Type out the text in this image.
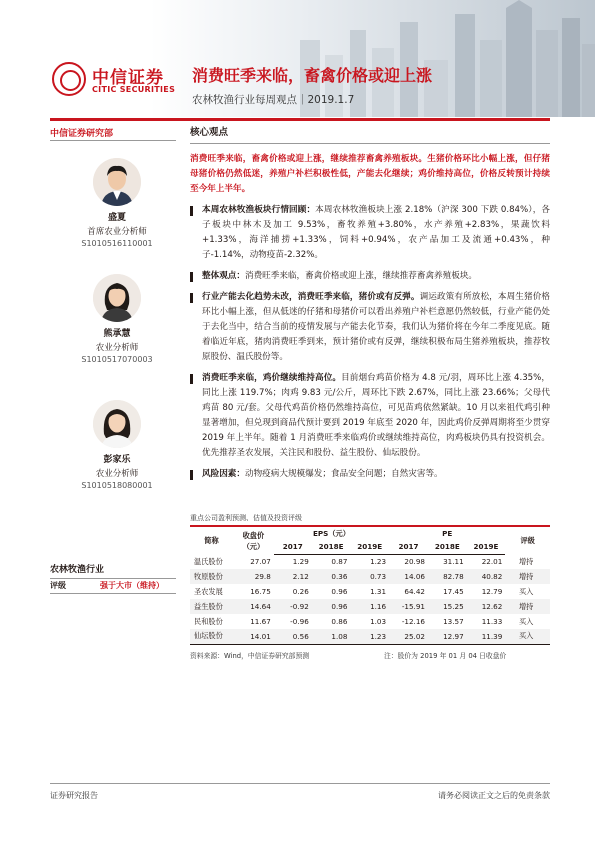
中信证券
CITIC SECURITIES
消费旺季来临，畜禽价格或迎上涨
农林牧渔行业每周观点｜2019.1.7
中信证券研究部
盛夏
首席农业分析师
S1010516110001
熊承慧
农业分析师
S1010517070003
彭家乐
农业分析师
S1010518080001
农林牧渔行业
评级	强于大市（维持）
核心观点
消费旺季来临，畜禽价格或迎上涨，继续推荐畜禽养殖板块。生猪价格环比小幅上涨，但仔猪母猪价格仍然低迷，养殖户补栏积极性低，产能去化继续；鸡价维持高位，价格反转预计持续至今年上半年。
本周农林牧渔板块行情回顾：本周农林牧渔板块上涨 2.18%（沪深 300 下跌 0.84%），各子板块中林木及加工 9.53%，畜牧养殖+3.80%，水产养殖+2.83%，果蔬饮料+1.33%，海洋捕捞+1.33%，饲料+0.94%，农产品加工及流通+0.43%，种子-1.14%，动物疫苗-2.32%。
整体观点：消费旺季来临，畜禽价格或迎上涨，继续推荐畜禽养殖板块。
行业产能去化趋势未改，消费旺季来临，猪价或有反弹。调运政策有所放松，本周生猪价格环比小幅上涨，但从低迷的仔猪和母猪价可以看出养殖户补栏意愿仍然较低，行业产能仍处于去化当中，结合当前的疫情发展与产能去化节奏，我们认为猪价将在今年二季度见底。随着临近年底，猪肉消费旺季到来，预计猪价或有反弹，继续积极布局生猪养殖板块，推荐牧原股份、温氏股份等。
消费旺季来临，鸡价继续维持高位。目前烟台鸡苗价格为 4.8 元/羽，周环比上涨 4.35%，同比上涨 119.7%；肉鸡 9.83 元/公斤，周环比下跌 2.67%，同比上涨 23.66%；父母代鸡苗 80 元/套。父母代鸡苗价格仍然维持高位，可见苗鸡依然紧缺。10 月以来祖代鸡引种显著增加，但兑现到商品代预计要到 2019 年底至 2020 年，因此鸡价反弹周期将至少贯穿 2019 年上半年。随着 1 月消费旺季来临鸡价或继续维持高位，肉鸡板块仍具有投资机会。优先推荐圣农发展，关注民和股份、益生股份、仙坛股份。
风险因素：动物疫病大规模爆发；食品安全问题；自然灾害等。
重点公司盈利预测、估值及投资评级
简称	收盘价
（元）	EPS（元）			PE			评级
		2017	2018E	2019E	2017	2018E	2019E	
温氏股份	27.07	1.29	0.87	1.23	20.98	31.11	22.01	增持
牧原股份	29.8	2.12	0.36	0.73	14.06	82.78	40.82	增持
圣农发展	16.75	0.26	0.96	1.31	64.42	17.45	12.79	买入
益生股份	14.64	-0.92	0.96	1.16	-15.91	15.25	12.62	增持
民和股份	11.67	-0.96	0.86	1.03	-12.16	13.57	11.33	买入
仙坛股份	14.01	0.56	1.08	1.23	25.02	12.97	11.39	买入
资料来源：Wind，中信证券研究部预测	注：股价为 2019 年 01 月 04 日收盘价
证券研究报告	请务必阅读正文之后的免责条款
